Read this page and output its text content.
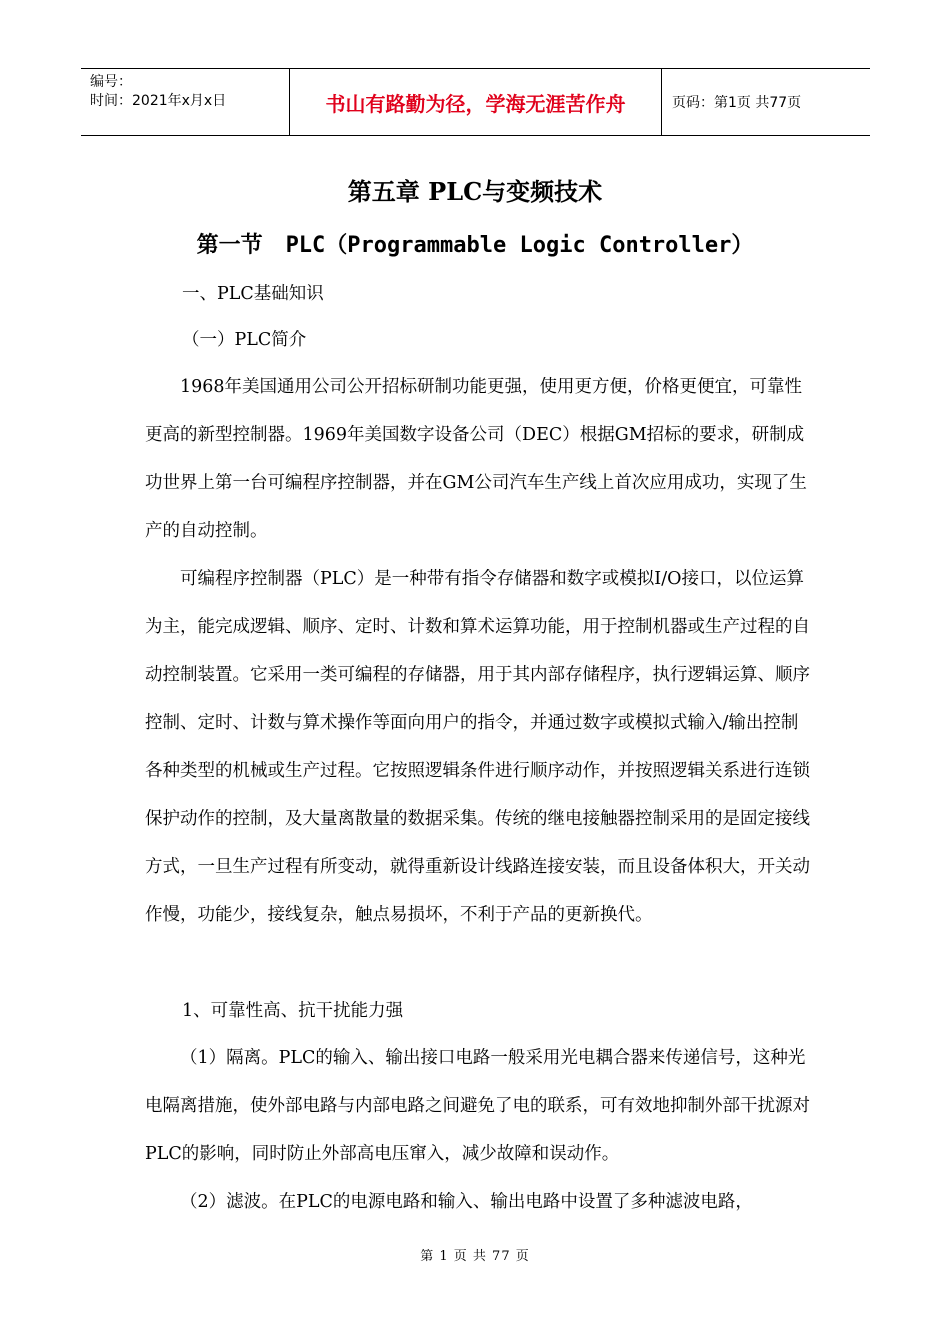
编号：
时间：2021年x月x日	书山有路勤为径，学海无涯苦作舟	页码：第1页 共77页
第五章 PLC与变频技术
第一节 PLC（Programmable Logic Controller）
一、PLC基础知识
（一）PLC简介
1968年美国通用公司公开招标研制功能更强，使用更方便，价格更便宜，可靠性更高的新型控制器。1969年美国数字设备公司（DEC）根据GM招标的要求，研制成功世界上第一台可编程序控制器，并在GM公司汽车生产线上首次应用成功，实现了生产的自动控制。
可编程序控制器（PLC）是一种带有指令存储器和数字或模拟I/O接口，以位运算为主，能完成逻辑、顺序、定时、计数和算术运算功能，用于控制机器或生产过程的自动控制装置。它采用一类可编程的存储器，用于其内部存储程序，执行逻辑运算、顺序控制、定时、计数与算术操作等面向用户的指令，并通过数字或模拟式输入/输出控制各种类型的机械或生产过程。它按照逻辑条件进行顺序动作，并按照逻辑关系进行连锁保护动作的控制，及大量离散量的数据采集。传统的继电接触器控制采用的是固定接线方式，一旦生产过程有所变动，就得重新设计线路连接安装，而且设备体积大，开关动作慢，功能少，接线复杂，触点易损坏，不利于产品的更新换代。
1、可靠性高、抗干扰能力强
（1）隔离。PLC的输入、输出接口电路一般采用光电耦合器来传递信号，这种光电隔离措施，使外部电路与内部电路之间避免了电的联系，可有效地抑制外部干扰源对PLC的影响，同时防止外部高电压窜入，减少故障和误动作。
（2）滤波。在PLC的电源电路和输入、输出电路中设置了多种滤波电路，
第 1 页 共 77 页
